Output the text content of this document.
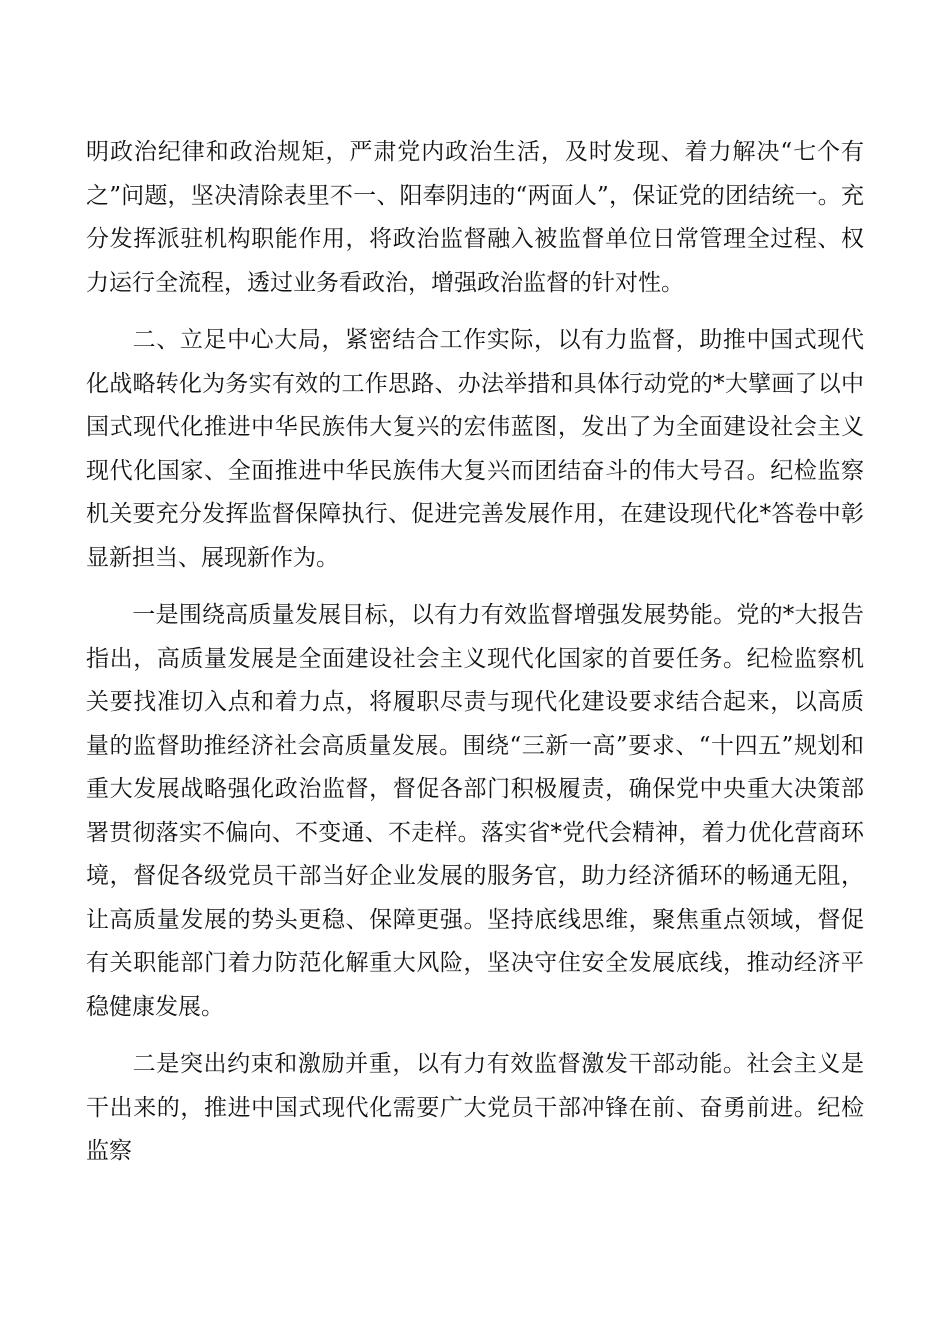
明政治纪律和政治规矩，严肃党内政治生活，及时发现、着力解决“七个有之”问题，坚决清除表里不一、阳奉阴违的“两面人”，保证党的团结统一。充分发挥派驻机构职能作用，将政治监督融入被监督单位日常管理全过程、权力运行全流程，透过业务看政治，增强政治监督的针对性。

二、立足中心大局，紧密结合工作实际，以有力监督，助推中国式现代化战略转化为务实有效的工作思路、办法举措和具体行动党的*大擘画了以中国式现代化推进中华民族伟大复兴的宏伟蓝图，发出了为全面建设社会主义现代化国家、全面推进中华民族伟大复兴而团结奋斗的伟大号召。纪检监察机关要充分发挥监督保障执行、促进完善发展作用，在建设现代化*答卷中彰显新担当、展现新作为。

一是围绕高质量发展目标，以有力有效监督增强发展势能。党的*大报告指出，高质量发展是全面建设社会主义现代化国家的首要任务。纪检监察机关要找准切入点和着力点，将履职尽责与现代化建设要求结合起来，以高质量的监督助推经济社会高质量发展。围绕“三新一高”要求、“十四五”规划和重大发展战略强化政治监督，督促各部门积极履责，确保党中央重大决策部署贯彻落实不偏向、不变通、不走样。落实省*党代会精神，着力优化营商环境，督促各级党员干部当好企业发展的服务官，助力经济循环的畅通无阻，让高质量发展的势头更稳、保障更强。坚持底线思维，聚焦重点领域，督促有关职能部门着力防范化解重大风险，坚决守住安全发展底线，推动经济平稳健康发展。

二是突出约束和激励并重，以有力有效监督激发干部动能。社会主义是干出来的，推进中国式现代化需要广大党员干部冲锋在前、奋勇前进。纪检监察
